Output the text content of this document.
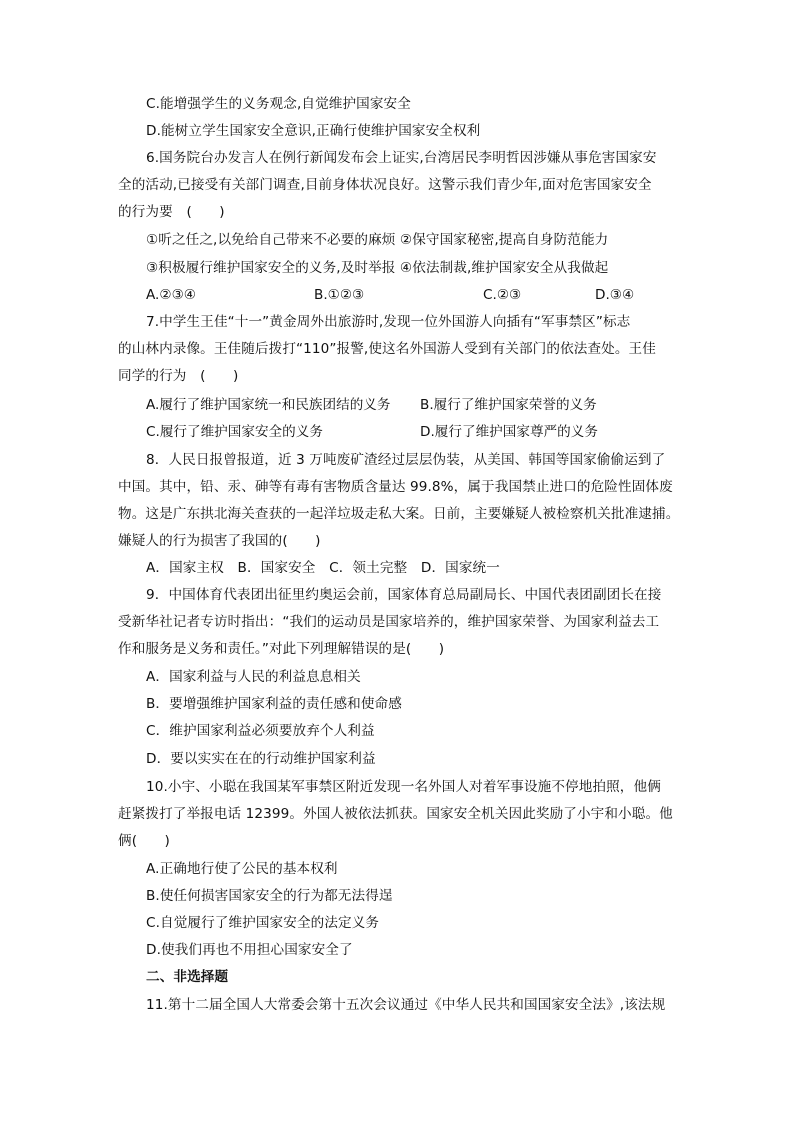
C.能增强学生的义务观念,自觉维护国家安全
D.能树立学生国家安全意识,正确行使维护国家安全权利
6.国务院台办发言人在例行新闻发布会上证实,台湾居民李明哲因涉嫌从事危害国家安
全的活动,已接受有关部门调查,目前身体状况良好。这警示我们青少年,面对危害国家安全
的行为要　(　　)
①听之任之,以免给自己带来不必要的麻烦 ②保守国家秘密,提高自身防范能力
③积极履行维护国家安全的义务,及时举报 ④依法制裁,维护国家安全从我做起
A.②③④	B.①②③	C.②③	D.③④
7.中学生王佳“十一”黄金周外出旅游时,发现一位外国游人向插有“军事禁区”标志
的山林内录像。王佳随后拨打“110”报警,使这名外国游人受到有关部门的依法查处。王佳
同学的行为　(　　)
A.履行了维护国家统一和民族团结的义务 B.履行了维护国家荣誉的义务
C.履行了维护国家安全的义务	D.履行了维护国家尊严的义务
8．人民日报曾报道，近 3 万吨废矿渣经过层层伪装，从美国、韩国等国家偷偷运到了
中国。其中，铅、汞、砷等有毒有害物质含量达 99.8%，属于我国禁止进口的危险性固体废
物。这是广东拱北海关查获的一起洋垃圾走私大案。日前，主要嫌疑人被检察机关批准逮捕。
嫌疑人的行为损害了我国的(　　)
A．国家主权　B．国家安全　C．领土完整　D．国家统一
9．中国体育代表团出征里约奥运会前，国家体育总局副局长、中国代表团副团长在接
受新华社记者专访时指出：“我们的运动员是国家培养的，维护国家荣誉、为国家利益去工
作和服务是义务和责任。”对此下列理解错误的是(　　)
A．国家利益与人民的利益息息相关
B．要增强维护国家利益的责任感和使命感
C．维护国家利益必须要放弃个人利益
D．要以实实在在的行动维护国家利益
10.小宇、小聪在我国某军事禁区附近发现一名外国人对着军事设施不停地拍照，他俩
赶紧拨打了举报电话 12399。外国人被依法抓获。国家安全机关因此奖励了小宇和小聪。他
俩(　　)
A.正确地行使了公民的基本权利
B.使任何损害国家安全的行为都无法得逞
C.自觉履行了维护国家安全的法定义务
D.使我们再也不用担心国家安全了
二、非选择题
11.第十二届全国人大常委会第十五次会议通过《中华人民共和国国家安全法》,该法规
